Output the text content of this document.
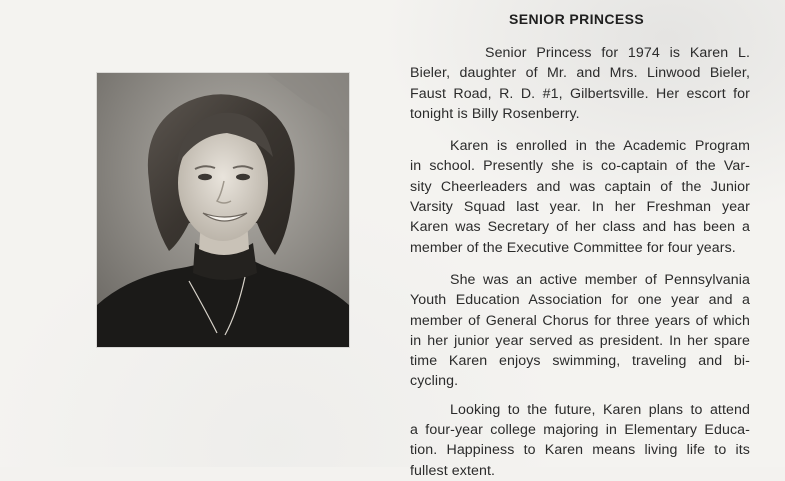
SENIOR PRINCESS

Senior Princess for 1974 is Karen L.
Bieler, daughter of Mr. and Mrs. Linwood Bieler,
Faust Road, R. D. #1, Gilbertsville. Her escort for
tonight is Billy Rosenberry.

Karen is enrolled in the Academic Program
in school. Presently she is co-captain of the Var-
sity Cheerleaders and was captain of the Junior
Varsity Squad last year. In her Freshman year
Karen was Secretary of her class and has been a
member of the Executive Committee for four years.

She was an active member of Pennsylvania
Youth Education Association for one year and a
member of General Chorus for three years of which
in her junior year served as president. In her spare
time Karen enjoys swimming, traveling and bi-
cycling.

Looking to the future, Karen plans to attend
a four-year college majoring in Elementary Educa-
tion. Happiness to Karen means living life to its
fullest extent.
